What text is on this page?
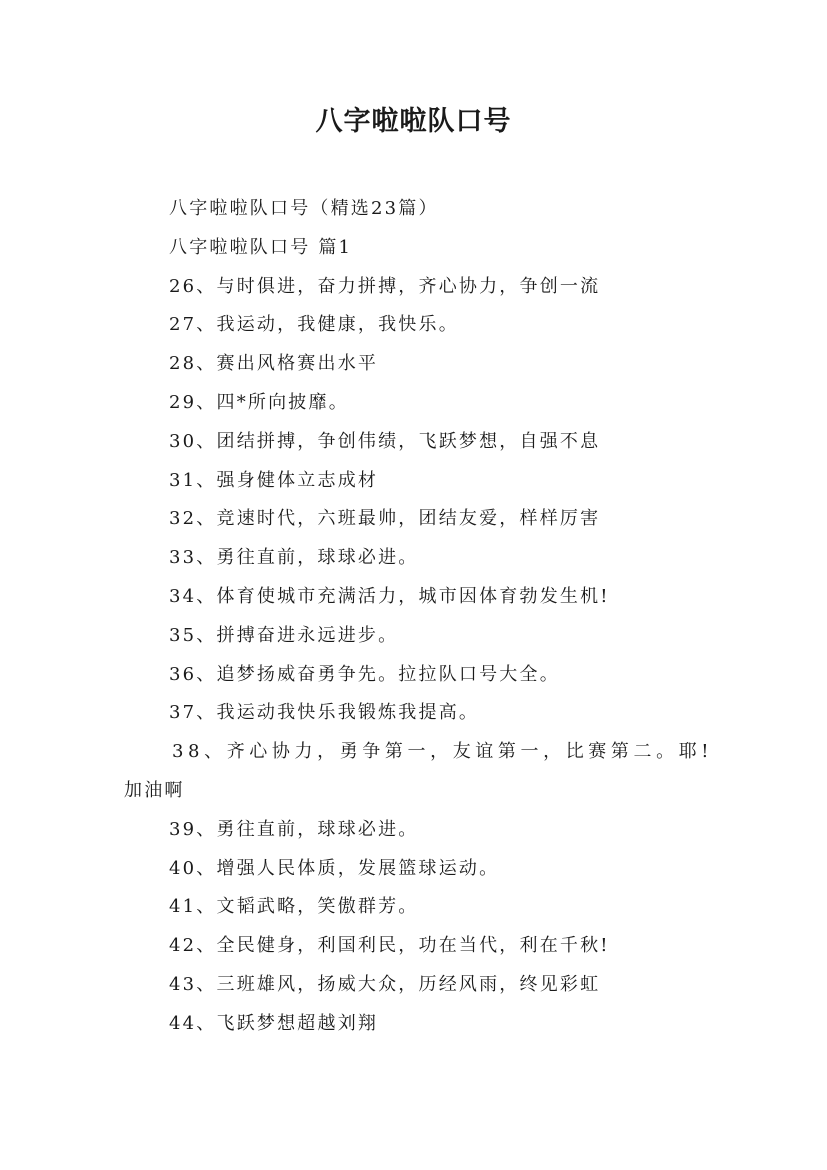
八字啦啦队口号

八字啦啦队口号（精选23篇）

八字啦啦队口号 篇1

26、与时俱进，奋力拼搏，齐心协力，争创一流

27、我运动，我健康，我快乐。

28、赛出风格赛出水平

29、四*所向披靡。

30、团结拼搏，争创伟绩，飞跃梦想，自强不息

31、强身健体立志成材

32、竞速时代，六班最帅，团结友爱，样样厉害

33、勇往直前，球球必进。

34、体育使城市充满活力，城市因体育勃发生机!

35、拼搏奋进永远进步。

36、追梦扬威奋勇争先。拉拉队口号大全。

37、我运动我快乐我锻炼我提高。

38、齐心协力，勇争第一，友谊第一，比赛第二。耶!

加油啊

39、勇往直前，球球必进。

40、增强人民体质，发展篮球运动。

41、文韬武略，笑傲群芳。

42、全民健身，利国利民，功在当代，利在千秋!

43、三班雄风，扬威大众，历经风雨，终见彩虹

44、飞跃梦想超越刘翔
